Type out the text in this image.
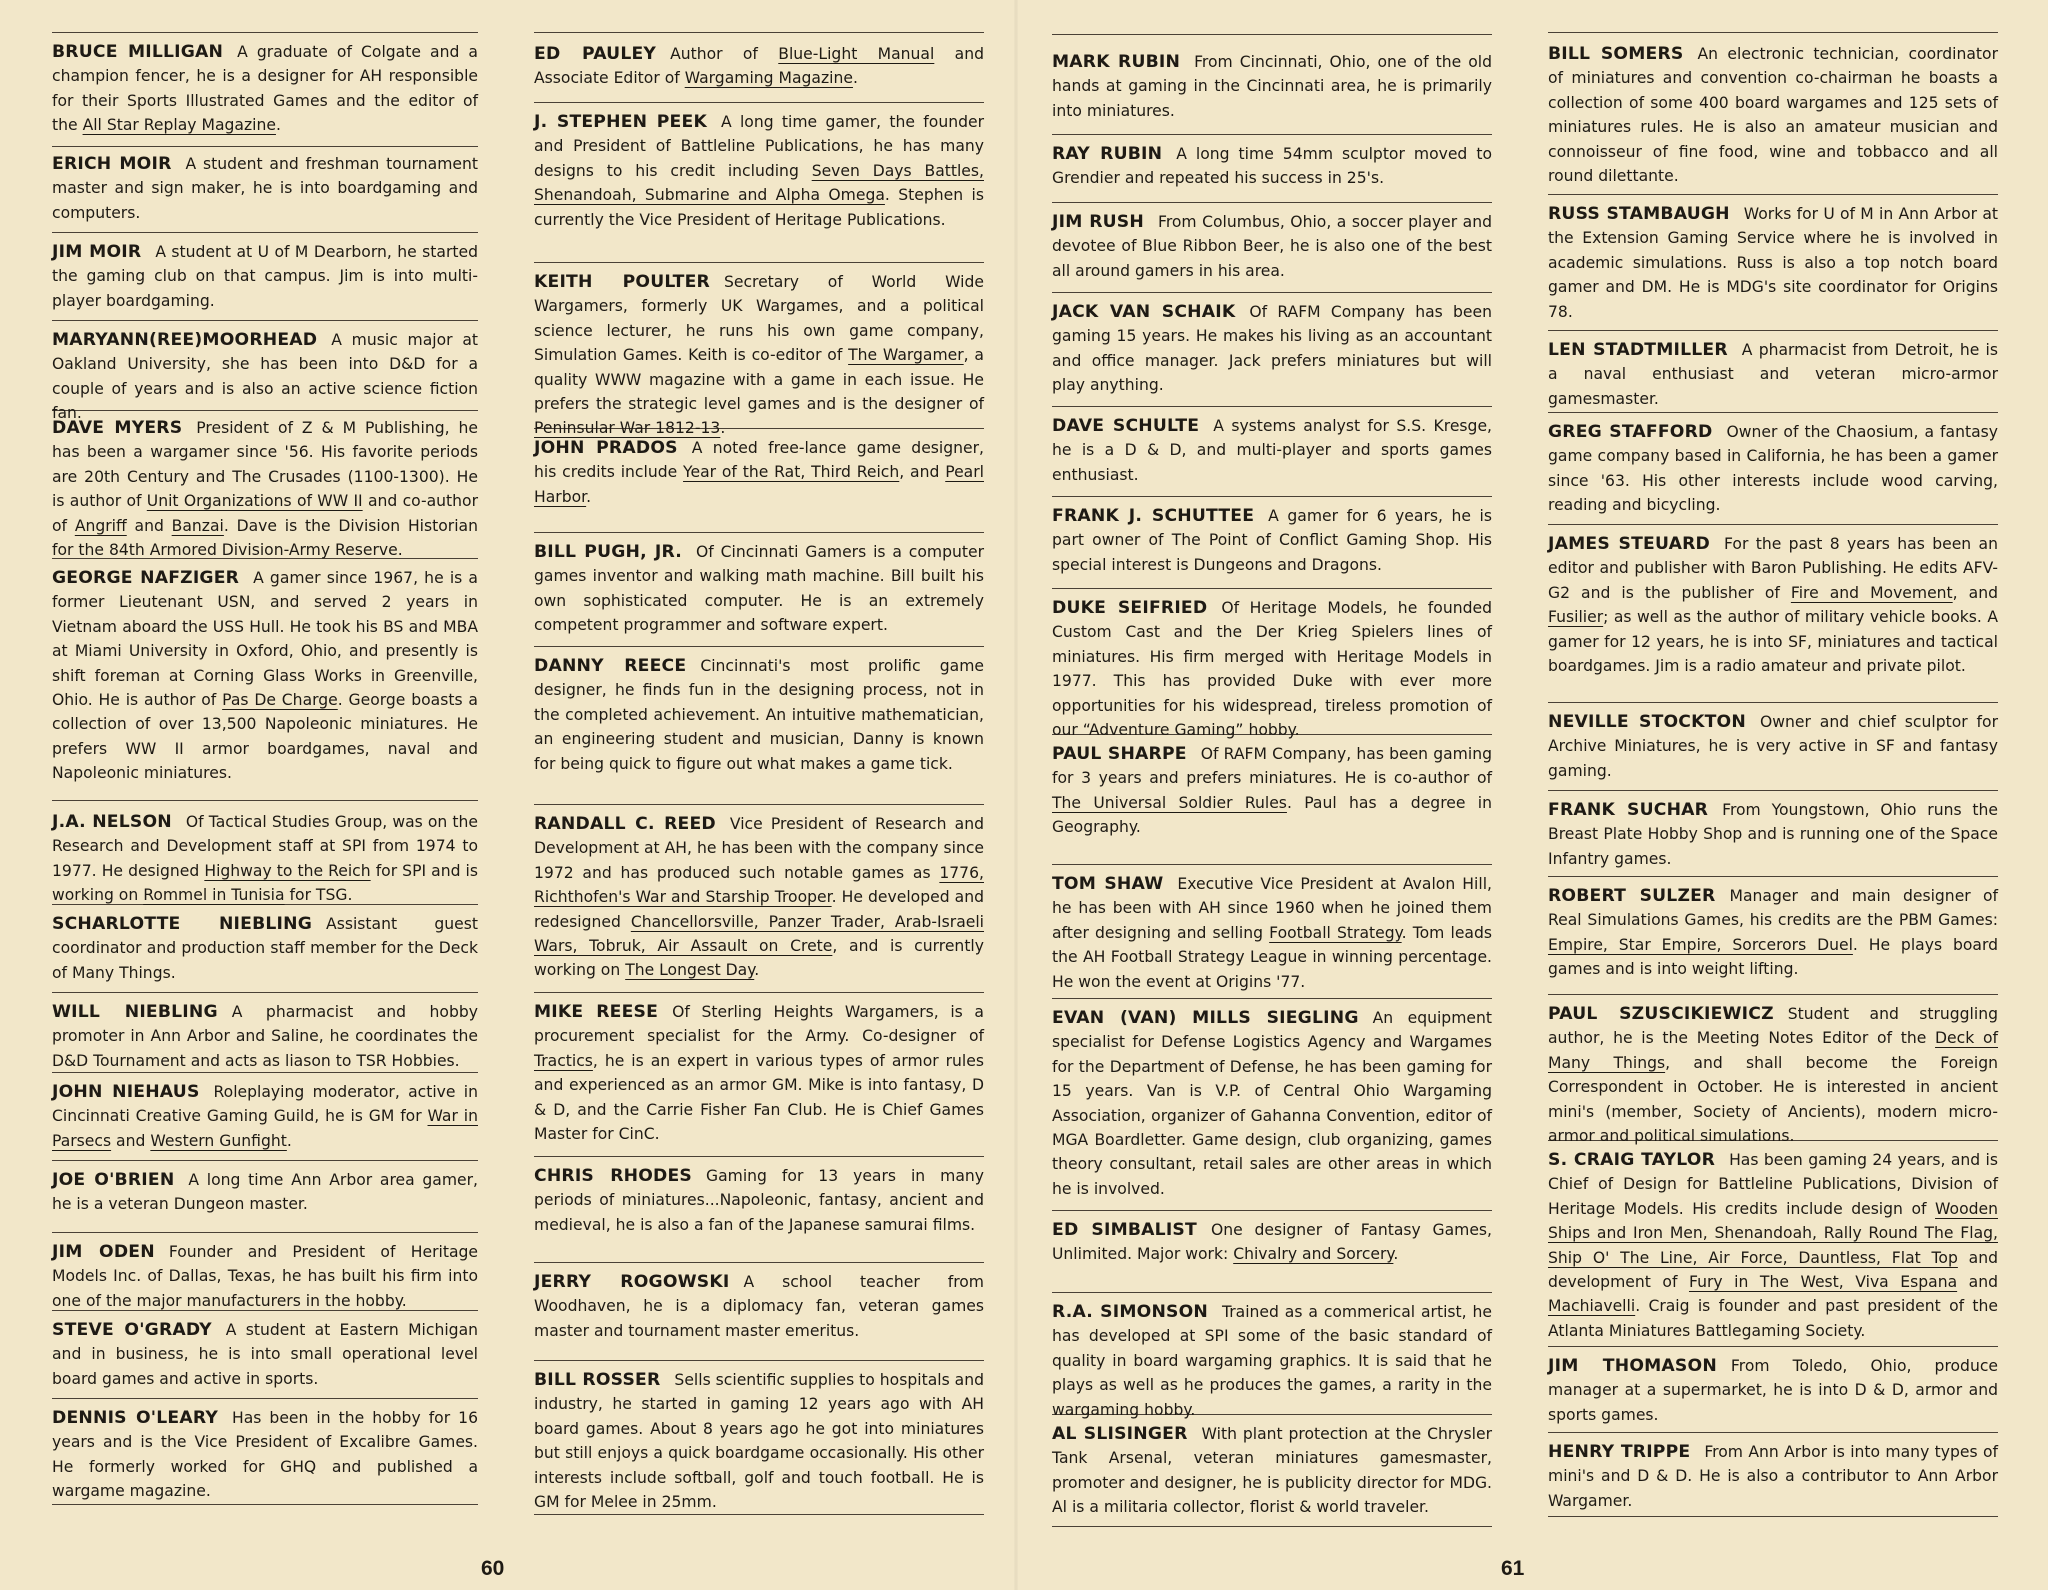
BRUCE MILLIGAN A graduate of Colgate and a champion fencer, he is a designer for AH responsible for their Sports Illustrated Games and the editor of the All Star Replay Magazine.
ERICH MOIR A student and freshman tournament master and sign maker, he is into boardgaming and computers.
JIM MOIR A student at U of M Dearborn, he started the gaming club on that campus. Jim is into multi-player boardgaming.
MARYANN(REE)MOORHEAD A music major at Oakland University, she has been into D&D for a couple of years and is also an active science fiction fan.
DAVE MYERS President of Z & M Publishing, he has been a wargamer since '56. His favorite periods are 20th Century and The Crusades (1100-1300). He is author of Unit Organizations of WW II and co-author of Angriff and Banzai. Dave is the Division Historian for the 84th Armored Division-Army Reserve.
GEORGE NAFZIGER A gamer since 1967, he is a former Lieutenant USN, and served 2 years in Vietnam aboard the USS Hull. He took his BS and MBA at Miami University in Oxford, Ohio, and presently is shift foreman at Corning Glass Works in Greenville, Ohio. He is author of Pas De Charge. George boasts a collection of over 13,500 Napoleonic miniatures. He prefers WW II armor boardgames, naval and Napoleonic miniatures.
J.A. NELSON Of Tactical Studies Group, was on the Research and Development staff at SPI from 1974 to 1977. He designed Highway to the Reich for SPI and is working on Rommel in Tunisia for TSG.
SCHARLOTTE NIEBLING Assistant guest coordinator and production staff member for the Deck of Many Things.
WILL NIEBLING A pharmacist and hobby promoter in Ann Arbor and Saline, he coordinates the D&D Tournament and acts as liason to TSR Hobbies.
JOHN NIEHAUS Roleplaying moderator, active in Cincinnati Creative Gaming Guild, he is GM for War in Parsecs and Western Gunfight.
JOE O'BRIEN A long time Ann Arbor area gamer, he is a veteran Dungeon master.
JIM ODEN Founder and President of Heritage Models Inc. of Dallas, Texas, he has built his firm into one of the major manufacturers in the hobby.
STEVE O'GRADY A student at Eastern Michigan and in business, he is into small operational level board games and active in sports.
DENNIS O'LEARY Has been in the hobby for 16 years and is the Vice President of Excalibre Games. He formerly worked for GHQ and published a wargame magazine.
ED PAULEY Author of Blue-Light Manual and Associate Editor of Wargaming Magazine.
J. STEPHEN PEEK A long time gamer, the founder and President of Battleline Publications, he has many designs to his credit including Seven Days Battles, Shenandoah, Submarine and Alpha Omega. Stephen is currently the Vice President of Heritage Publications.
KEITH POULTER Secretary of World Wide Wargamers, formerly UK Wargames, and a political science lecturer, he runs his own game company, Simulation Games. Keith is co-editor of The Wargamer, a quality WWW magazine with a game in each issue. He prefers the strategic level games and is the designer of Peninsular War 1812-13.
JOHN PRADOS A noted free-lance game designer, his credits include Year of the Rat, Third Reich, and Pearl Harbor.
BILL PUGH, JR. Of Cincinnati Gamers is a computer games inventor and walking math machine. Bill built his own sophisticated computer. He is an extremely competent programmer and software expert.
DANNY REECE Cincinnati's most prolific game designer, he finds fun in the designing process, not in the completed achievement. An intuitive mathematician, an engineering student and musician, Danny is known for being quick to figure out what makes a game tick.
RANDALL C. REED Vice President of Research and Development at AH, he has been with the company since 1972 and has produced such notable games as 1776, Richthofen's War and Starship Trooper. He developed and redesigned Chancellorsville, Panzer Trader, Arab-Israeli Wars, Tobruk, Air Assault on Crete, and is currently working on The Longest Day.
MIKE REESE Of Sterling Heights Wargamers, is a procurement specialist for the Army. Co-designer of Tractics, he is an expert in various types of armor rules and experienced as an armor GM. Mike is into fantasy, D & D, and the Carrie Fisher Fan Club. He is Chief Games Master for CinC.
CHRIS RHODES Gaming for 13 years in many periods of miniatures...Napoleonic, fantasy, ancient and medieval, he is also a fan of the Japanese samurai films.
JERRY ROGOWSKI A school teacher from Woodhaven, he is a diplomacy fan, veteran games master and tournament master emeritus.
BILL ROSSER Sells scientific supplies to hospitals and industry, he started in gaming 12 years ago with AH board games. About 8 years ago he got into miniatures but still enjoys a quick boardgame occasionally. His other interests include softball, golf and touch football. He is GM for Melee in 25mm.
MARK RUBIN From Cincinnati, Ohio, one of the old hands at gaming in the Cincinnati area, he is primarily into miniatures.
RAY RUBIN A long time 54mm sculptor moved to Grendier and repeated his success in 25's.
JIM RUSH From Columbus, Ohio, a soccer player and devotee of Blue Ribbon Beer, he is also one of the best all around gamers in his area.
JACK VAN SCHAIK Of RAFM Company has been gaming 15 years. He makes his living as an accountant and office manager. Jack prefers miniatures but will play anything.
DAVE SCHULTE A systems analyst for S.S. Kresge, he is a D & D, and multi-player and sports games enthusiast.
FRANK J. SCHUTTEE A gamer for 6 years, he is part owner of The Point of Conflict Gaming Shop. His special interest is Dungeons and Dragons.
DUKE SEIFRIED Of Heritage Models, he founded Custom Cast and the Der Krieg Spielers lines of miniatures. His firm merged with Heritage Models in 1977. This has provided Duke with ever more opportunities for his widespread, tireless promotion of our “Adventure Gaming” hobby.
PAUL SHARPE Of RAFM Company, has been gaming for 3 years and prefers miniatures. He is co-author of The Universal Soldier Rules. Paul has a degree in Geography.
TOM SHAW Executive Vice President at Avalon Hill, he has been with AH since 1960 when he joined them after designing and selling Football Strategy. Tom leads the AH Football Strategy League in winning percentage. He won the event at Origins '77.
EVAN (VAN) MILLS SIEGLING An equipment specialist for Defense Logistics Agency and Wargames for the Department of Defense, he has been gaming for 15 years. Van is V.P. of Central Ohio Wargaming Association, organizer of Gahanna Convention, editor of MGA Boardletter. Game design, club organizing, games theory consultant, retail sales are other areas in which he is involved.
ED SIMBALIST One designer of Fantasy Games, Unlimited. Major work: Chivalry and Sorcery.
R.A. SIMONSON Trained as a commerical artist, he has developed at SPI some of the basic standard of quality in board wargaming graphics. It is said that he plays as well as he produces the games, a rarity in the wargaming hobby.
AL SLISINGER With plant protection at the Chrysler Tank Arsenal, veteran miniatures gamesmaster, promoter and designer, he is publicity director for MDG. Al is a militaria collector, florist & world traveler.
BILL SOMERS An electronic technician, coordinator of miniatures and convention co-chairman he boasts a collection of some 400 board wargames and 125 sets of miniatures rules. He is also an amateur musician and connoisseur of fine food, wine and tobbacco and all round dilettante.
RUSS STAMBAUGH Works for U of M in Ann Arbor at the Extension Gaming Service where he is involved in academic simulations. Russ is also a top notch board gamer and DM. He is MDG's site coordinator for Origins 78.
LEN STADTMILLER A pharmacist from Detroit, he is a naval enthusiast and veteran micro-armor gamesmaster.
GREG STAFFORD Owner of the Chaosium, a fantasy game company based in California, he has been a gamer since '63. His other interests include wood carving, reading and bicycling.
JAMES STEUARD For the past 8 years has been an editor and publisher with Baron Publishing. He edits AFV-G2 and is the publisher of Fire and Movement, and Fusilier; as well as the author of military vehicle books. A gamer for 12 years, he is into SF, miniatures and tactical boardgames. Jim is a radio amateur and private pilot.
NEVILLE STOCKTON Owner and chief sculptor for Archive Miniatures, he is very active in SF and fantasy gaming.
FRANK SUCHAR From Youngstown, Ohio runs the Breast Plate Hobby Shop and is running one of the Space Infantry games.
ROBERT SULZER Manager and main designer of Real Simulations Games, his credits are the PBM Games: Empire, Star Empire, Sorcerors Duel. He plays board games and is into weight lifting.
PAUL SZUSCIKIEWICZ Student and struggling author, he is the Meeting Notes Editor of the Deck of Many Things, and shall become the Foreign Correspondent in October. He is interested in ancient mini's (member, Society of Ancients), modern micro-armor and political simulations.
S. CRAIG TAYLOR Has been gaming 24 years, and is Chief of Design for Battleline Publications, Division of Heritage Models. His credits include design of Wooden Ships and Iron Men, Shenandoah, Rally Round The Flag, Ship O' The Line, Air Force, Dauntless, Flat Top and development of Fury in The West, Viva Espana and Machiavelli. Craig is founder and past president of the Atlanta Miniatures Battlegaming Society.
JIM THOMASON From Toledo, Ohio, produce manager at a supermarket, he is into D & D, armor and sports games.
HENRY TRIPPE From Ann Arbor is into many types of mini's and D & D. He is also a contributor to Ann Arbor Wargamer.
60	61
